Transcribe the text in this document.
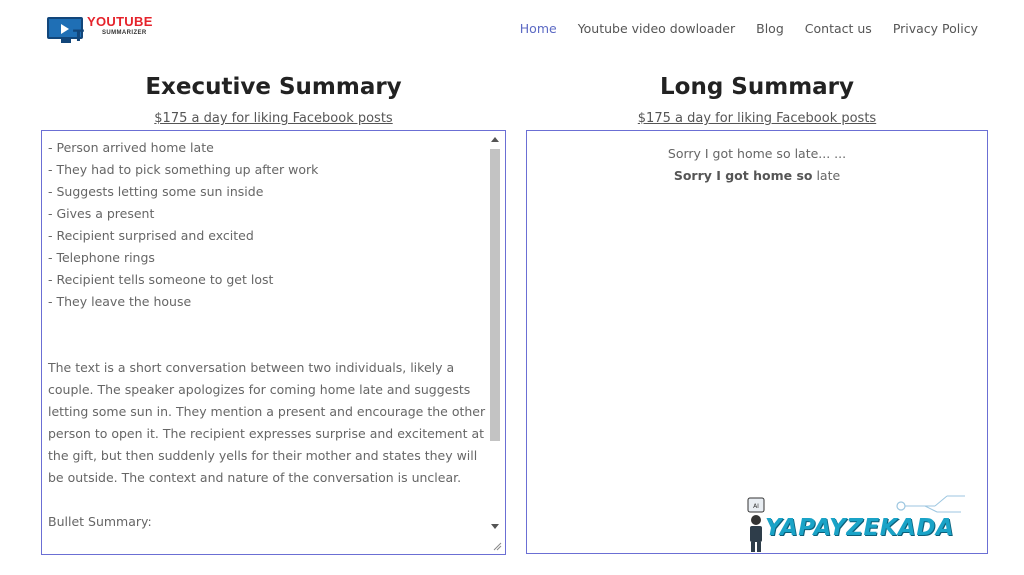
T
YOUTUBE
SUMMARIZER	Home Youtube video dowloader Blog Contact us Privacy Policy
Executive Summary
$175 a day for liking Facebook posts
- Person arrived home late
- They had to pick something up after work
- Suggests letting some sun inside
- Gives a present
- Recipient surprised and excited
- Telephone rings
- Recipient tells someone to get lost
- They leave the house
The text is a short conversation between two individuals, likely a couple. The speaker apologizes for coming home late and suggests letting some sun in. They mention a present and encourage the other person to open it. The recipient expresses surprise and excitement at the gift, but then suddenly yells for their mother and states they will be outside. The context and nature of the conversation is unclear.
Bullet Summary:
Long Summary
$175 a day for liking Facebook posts
Sorry I got home so late... ...
Sorry I got home so late
AI
YAPAYZEKADA
